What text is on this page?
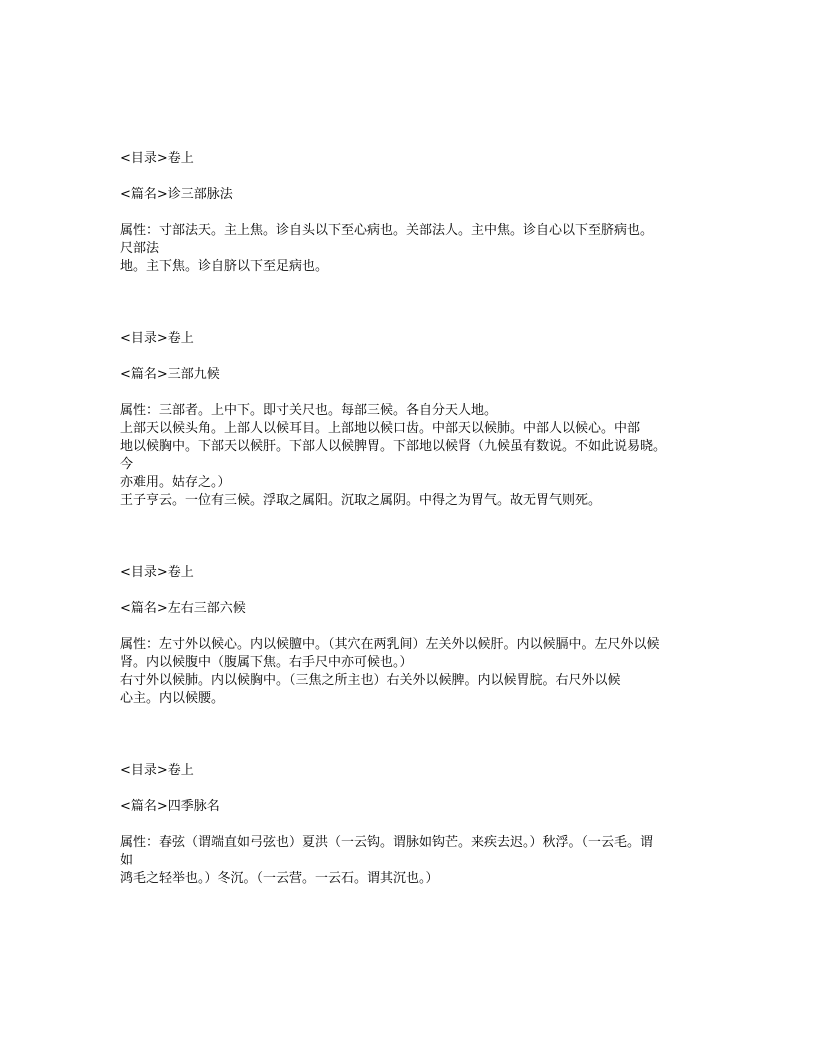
<目录>卷上
<篇名>诊三部脉法
属性：寸部法天。主上焦。诊自头以下至心病也。关部法人。主中焦。诊自心以下至脐病也。
尺部法
地。主下焦。诊自脐以下至足病也。
<目录>卷上
<篇名>三部九候
属性：三部者。上中下。即寸关尺也。每部三候。各自分天人地。
上部天以候头角。上部人以候耳目。上部地以候口齿。中部天以候肺。中部人以候心。中部
地以候胸中。下部天以候肝。下部人以候脾胃。下部地以候肾（九候虽有数说。不如此说易晓。
今
亦难用。姑存之。）
王子亨云。一位有三候。浮取之属阳。沉取之属阴。中得之为胃气。故无胃气则死。
<目录>卷上
<篇名>左右三部六候
属性：左寸外以候心。内以候膻中。（其穴在两乳间）左关外以候肝。内以候膈中。左尺外以候
肾。内以候腹中（腹属下焦。右手尺中亦可候也。）
右寸外以候肺。内以候胸中。（三焦之所主也）右关外以候脾。内以候胃脘。右尺外以候
心主。内以候腰。
<目录>卷上
<篇名>四季脉名
属性：春弦（谓端直如弓弦也）夏洪（一云钩。谓脉如钩芒。来疾去迟。）秋浮。（一云毛。谓
如
鸿毛之轻举也。）冬沉。（一云营。一云石。谓其沉也。）
